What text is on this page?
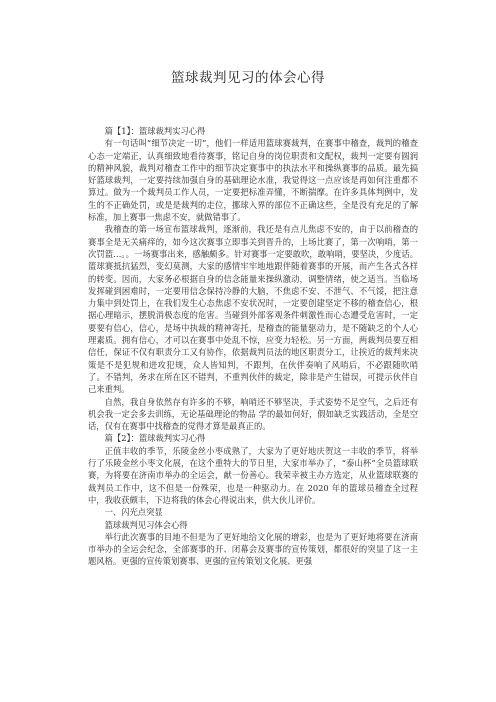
篮球裁判见习的体会心得

篇【1】：篮球裁判实习心得

有一句话叫“细节决定一切”，他们一样适用篮球赛裁判，在赛事中稽查，裁判的稽查心态一定端正，认真细致地看待赛事，铭记自身的岗位职责和文配权，裁判一定要有圆润的精神风貌，裁判对稽查工作中的细节决定赛事中的执法水平和操纵赛事的品质。最先搞好篮球裁判，一定要持续加强自身的基础理论水准，我觉得这一点应该是再如何注重都不算过。做为一个裁判员工作人员，一定要把标准弄懂，不断揣摩。在许多具体判例中，发生的不正确处罚，或是是裁判的走位，挪球入界的部位不正确这些，全是没有充足的了解标准，加上赛事一焦虑不安，就做错事了。

我稽查的第一场宣布篮球裁判，逐渐前，我还是有点儿焦虑不安的，由于以前稽查的赛事全是无关痛痒的，如今这次赛事立即事关到晋升的，上场比赛了，第一次响哨，第一次罚篮…。。一场赛事出来，感触颇多。针对赛事一定要敢吹，敢响哨，要坚决，少度话。篮球赛抵抗猛烈，变幻莫测，大家的感情牢牢地地跟伴随着赛事的开展，而产生各式各样的转变。因而，大家务必根据自身的信念能量来操纵激动，调整情绪，使之适当。当临场发挥碰到困难时，一定要用信念保持冷静的大脑，不焦虑不安、不泄气、不气馁，把注意力集中到处罚上，在我们发生心态焦虑不安状况时，一定要创建坚定不移的稽查信心，根据心理暗示，摆脱消极态度的危害。当碰到外部客观条件刺激性而心态遭受危害时，一定要要有信心，信心，是场中执裁的精神寄托，是稽查的能量驱动力，是不随缺乏的个人心理素质。拥有信心，才可以在赛事中处乱不惊，应变力轻松。另一方面，两裁判员要互相信任，保证不仅有职责分工又有协作，依据裁判员法的地区职责分工，让挨近的裁判来决策是不是犯规和进攻犯规，众人皆知判，不跟判，在伙伴奏响了风哨后，不必跟随吹哨了。不错判，务求在所在区不错判，不重判伙伴的裁定，除非是产生错误，可提示伙伴自己来重判。

自然，我自身依然存有许多的不够，响哨还不够坚决，手式姿势不足空气，之后还有机会我一定会多去训练，无论基础理论的物品 学的最如何好，假如缺乏实践活动，全是空话，仅有在赛事中找稽查的觉得才算是最真正的。

篇【2】：篮球裁判实习心得

正值丰收的季节，乐陵金丝小枣成熟了，大家为了更好地庆贺这一丰收的季节，将举行了乐陵金丝小枣文化展，在这个重特大的节日里，大家市举办了，“泰山杯”全员篮球联赛，为将要在济南市举办的全运会，献一份善心。我荣幸被主办方选定，从业篮球联赛的裁判员工作中，这不但是一份殊荣，也是一种驱动力。在 2020 年的篮球员稽查全过程中，我收获颇丰，下边将我的体会心得说出来，供大伙儿评价。

一、闪光点突显

篮球裁判见习体会心得

举行此次赛事的目地不但是为了更好地给文化展的增彩，也是为了更好地将要在济南市举办的全运会纪念，全部赛事的开、闭幕会及赛事的宣传策划，都很好的突显了这一主题风格。更强的宣传策划赛事、更强的宣传策划文化展、更强
